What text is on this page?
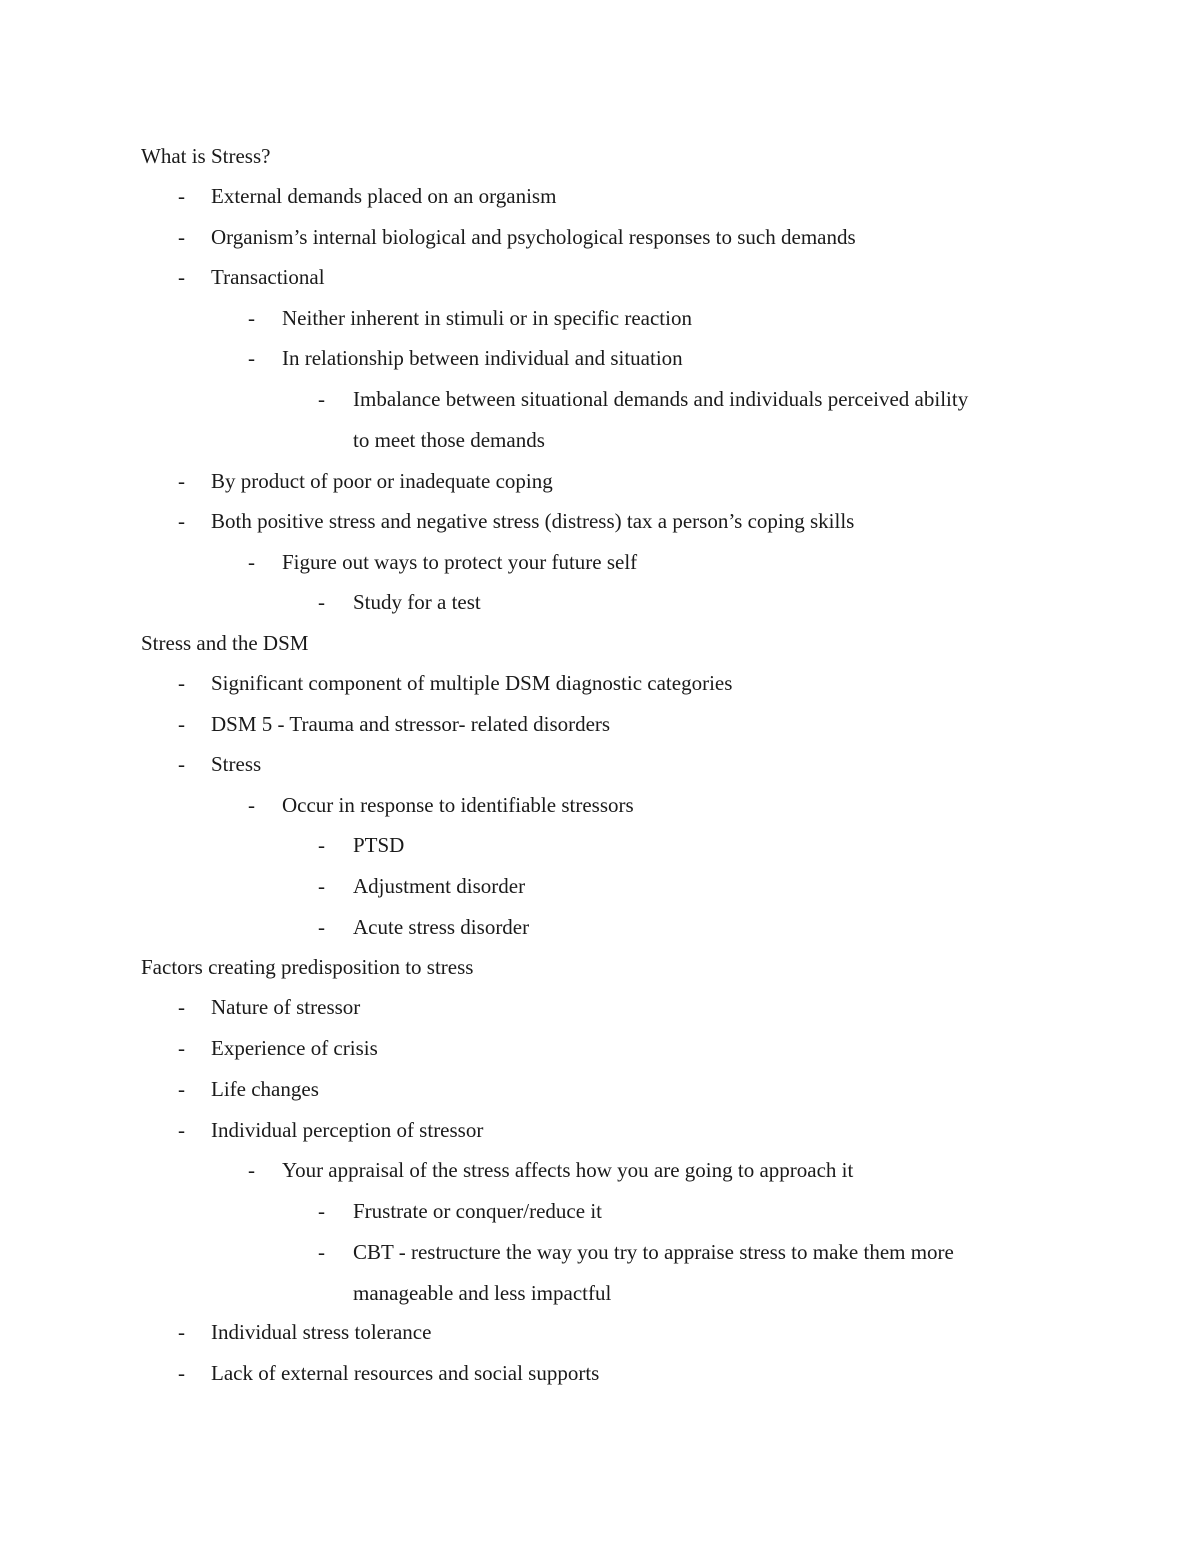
What is Stress?
- External demands placed on an organism
- Organism’s internal biological and psychological responses to such demands
- Transactional
- Neither inherent in stimuli or in specific reaction
- In relationship between individual and situation
- Imbalance between situational demands and individuals perceived ability
to meet those demands
- By product of poor or inadequate coping
- Both positive stress and negative stress (distress) tax a person’s coping skills
- Figure out ways to protect your future self
- Study for a test
Stress and the DSM
- Significant component of multiple DSM diagnostic categories
- DSM 5 - Trauma and stressor- related disorders
- Stress
- Occur in response to identifiable stressors
- PTSD
- Adjustment disorder
- Acute stress disorder
Factors creating predisposition to stress
- Nature of stressor
- Experience of crisis
- Life changes
- Individual perception of stressor
- Your appraisal of the stress affects how you are going to approach it
- Frustrate or conquer/reduce it
- CBT - restructure the way you try to appraise stress to make them more
manageable and less impactful
- Individual stress tolerance
- Lack of external resources and social supports
